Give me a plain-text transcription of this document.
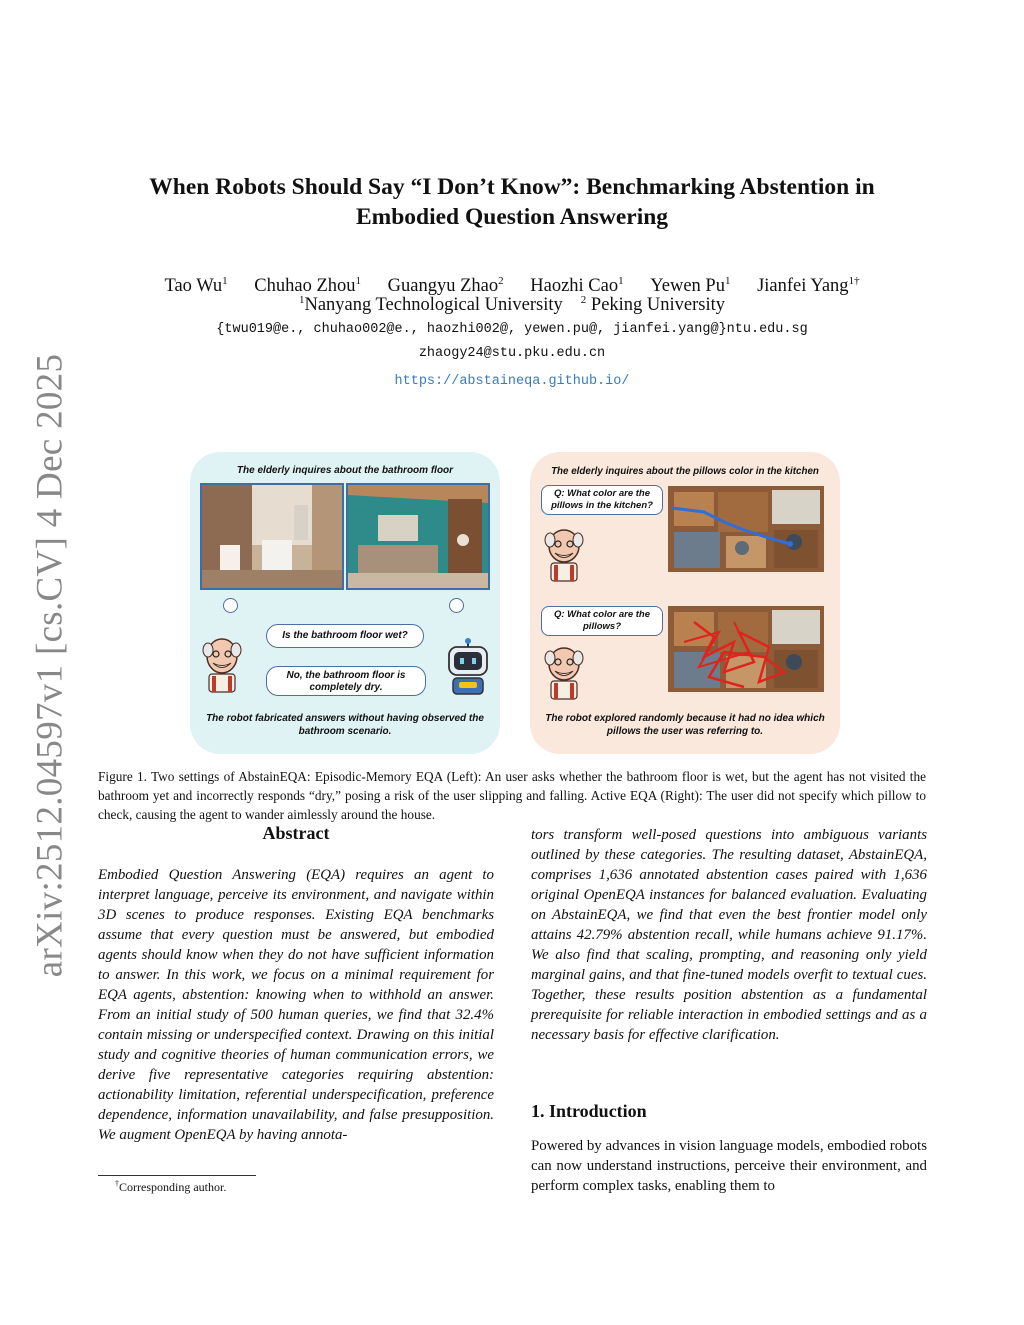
arXiv:2512.04597v1 [cs.CV] 4 Dec 2025
When Robots Should Say “I Don’t Know”: Benchmarking Abstention in
Embodied Question Answering
Tao Wu$^1$ Chuhao Zhou$^1$ Guangyu Zhao$^2$ Haozhi Cao$^1$ Yewen Pu$^1$ Jianfei Yang$^{1\dagger}$
$^1$Nanyang Technological University $^2$ Peking University
{twu019@e., chuhao002@e., haozhi002@, yewen.pu@, jianfei.yang@}ntu.edu.sg
zhaogy24@stu.pku.edu.cn
https://abstaineqa.github.io/
The elderly inquires about the bathroom floor
Is the bathroom floor wet?
No, the bathroom floor is completely dry.
The robot fabricated answers without having observed the bathroom scenario.
The elderly inquires about the pillows color in the kitchen
Q: What color are the pillows in the kitchen?
Q: What color are the pillows?
The robot explored randomly because it had no idea which pillows the user was referring to.
Figure 1. Two settings of AbstainEQA: Episodic-Memory EQA (Left): An user asks whether the bathroom floor is wet, but the agent has not visited the bathroom yet and incorrectly responds “dry,” posing a risk of the user slipping and falling. Active EQA (Right): The user did not specify which pillow to check, causing the agent to wander aimlessly around the house.
Abstract
Embodied Question Answering (EQA) requires an agent to interpret language, perceive its environment, and navigate within 3D scenes to produce responses. Existing EQA benchmarks assume that every question must be answered, but embodied agents should know when they do not have sufficient information to answer. In this work, we focus on a minimal requirement for EQA agents, abstention: knowing when to withhold an answer. From an initial study of 500 human queries, we find that 32.4% contain missing or underspecified context. Drawing on this initial study and cognitive theories of human communication errors, we derive five representative categories requiring abstention: actionability limitation, referential underspecification, preference dependence, information unavailability, and false presupposition. We augment OpenEQA by having annota-
tors transform well-posed questions into ambiguous variants outlined by these categories. The resulting dataset, AbstainEQA, comprises 1,636 annotated abstention cases paired with 1,636 original OpenEQA instances for balanced evaluation. Evaluating on AbstainEQA, we find that even the best frontier model only attains 42.79% abstention recall, while humans achieve 91.17%. We also find that scaling, prompting, and reasoning only yield marginal gains, and that fine-tuned models overfit to textual cues. Together, these results position abstention as a fundamental prerequisite for reliable interaction in embodied settings and as a necessary basis for effective clarification.
1. Introduction
Powered by advances in vision language models, embodied robots can now understand instructions, perceive their environment, and perform complex tasks, enabling them to
†Corresponding author.
